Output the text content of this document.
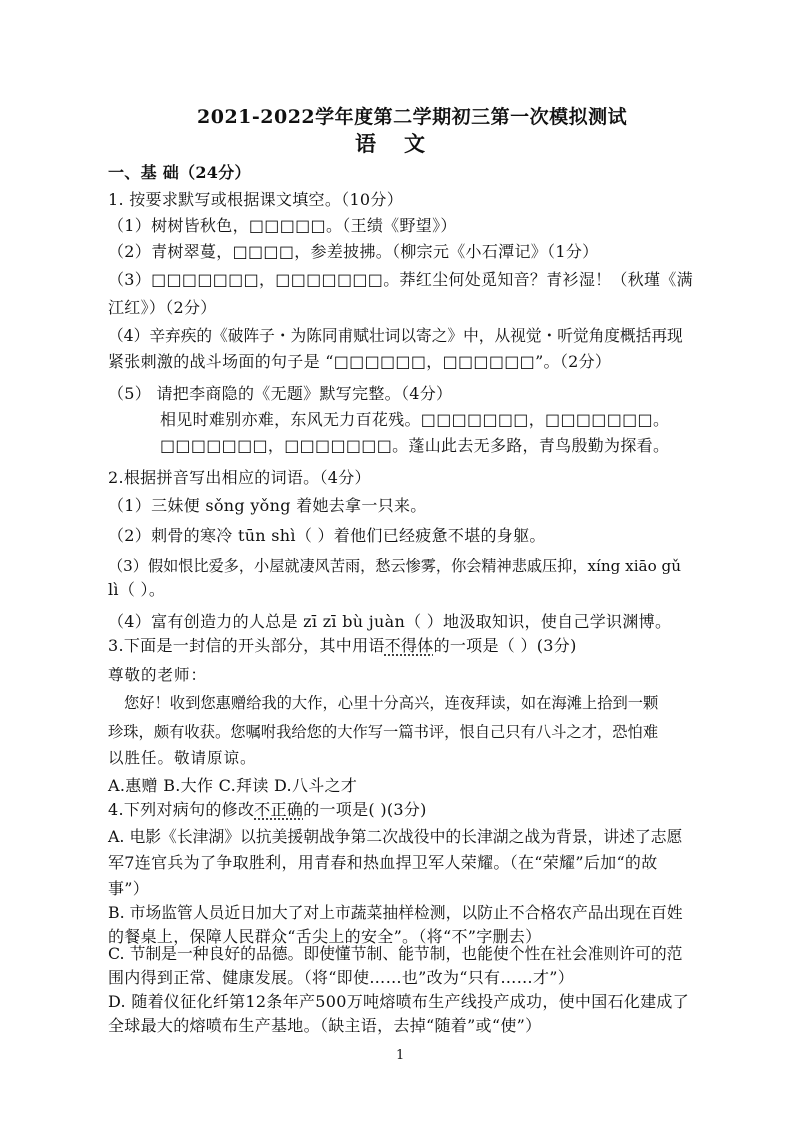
2021-2022学年度第二学期初三第一次模拟测试
语文
一、基 础（24分）
1. 按要求默写或根据课文填空。（10分）
（1）树树皆秋色，□□□□□。（王绩《野望》）
（2）青树翠蔓，□□□□，参差披拂。（柳宗元《小石潭记》（1分）
（3）□□□□□□□，□□□□□□□。莽红尘何处觅知音？青衫湿！（秋瑾《满
江红》）（2分）
（4）辛弃疾的《破阵子・为陈同甫赋壮词以寄之》中，从视觉・听觉角度概括再现
紧张刺激的战斗场面的句子是 “□□□□□□，□□□□□□”。（2分）
（5） 请把李商隐的《无题》默写完整。（4分）
相见时难别亦难，东风无力百花残。□□□□□□□，□□□□□□□。
□□□□□□□，□□□□□□□。蓬山此去无多路，青鸟殷勤为探看。
2.根据拼音写出相应的词语。（4分）
（1）三妹便 sǒng yǒng 着她去拿一只来。
（2）刺骨的寒冷 tūn shì（ ）着他们已经疲惫不堪的身躯。
（3）假如恨比爱多，小屋就凄风苦雨，愁云惨雾，你会精神悲戚压抑，xíng xiāo gǔ
lì（ ）。
（4）富有创造力的人总是 zī zī bù juàn（ ）地汲取知识，使自己学识渊博。
3.下面是一封信的开头部分，其中用语不得体的一项是（ ）(3分)
尊敬的老师：
您好！收到您惠赠给我的大作，心里十分高兴，连夜拜读，如在海滩上拾到一颗
珍珠，颇有收获。您嘱咐我给您的大作写一篇书评，恨自己只有八斗之才，恐怕难
以胜任。敬请原谅。
A.惠赠 B.大作 C.拜读 D.八斗之才
4.下列对病句的修改不正确的一项是( )(3分)
A. 电影《长津湖》以抗美援朝战争第二次战役中的长津湖之战为背景，讲述了志愿
军7连官兵为了争取胜利，用青春和热血捍卫军人荣耀。（在“荣耀”后加“的故
事”）
B. 市场监管人员近日加大了对上市蔬菜抽样检测，以防止不合格农产品出现在百姓
的餐桌上，保障人民群众“舌尖上的安全”。（将“不”字删去）
C. 节制是一种良好的品德。即使懂节制、能节制，也能使个性在社会准则许可的范
围内得到正常、健康发展。（将“即使……也”改为“只有……才”）
D. 随着仪征化纤第12条年产500万吨熔喷布生产线投产成功，使中国石化建成了
全球最大的熔喷布生产基地。（缺主语，去掉“随着”或“使”）
1
